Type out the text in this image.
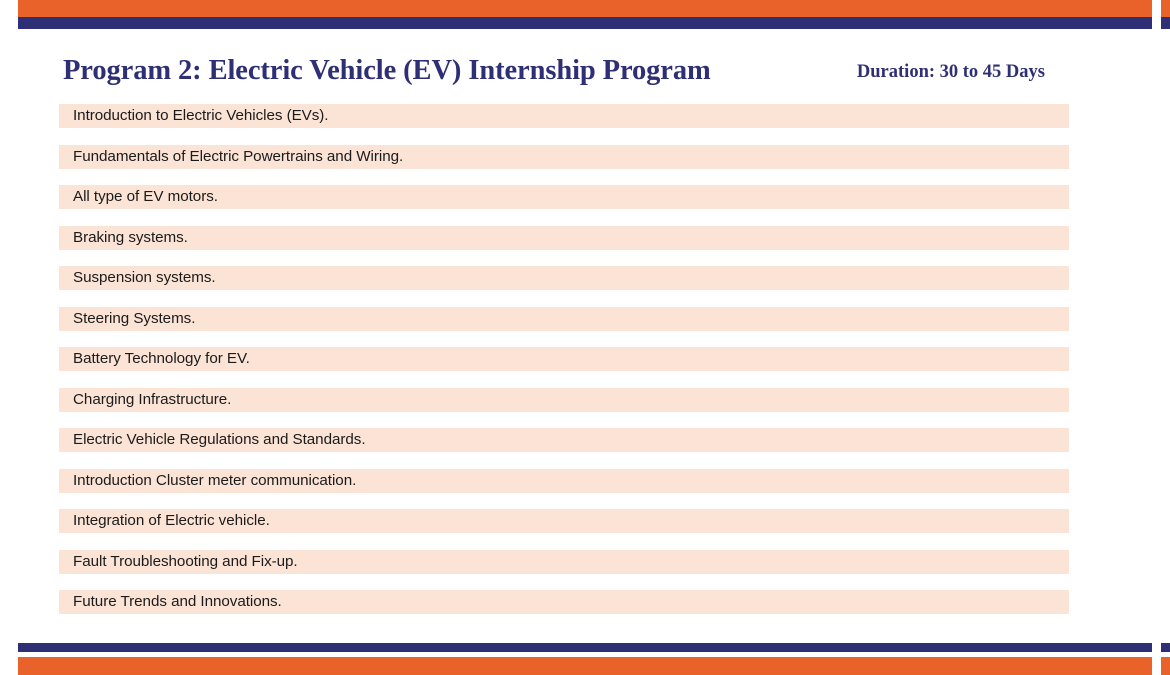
Program 2: Electric Vehicle (EV) Internship Program	Duration: 30 to 45 Days
Introduction to Electric Vehicles (EVs).
Fundamentals of Electric Powertrains and Wiring.
All type of EV motors.
Braking systems.
Suspension systems.
Steering Systems.
Battery Technology for EV.
Charging Infrastructure.
Electric Vehicle Regulations and Standards.
Introduction Cluster meter communication.
Integration of Electric vehicle.
Fault Troubleshooting and Fix-up.
Future Trends and Innovations.
